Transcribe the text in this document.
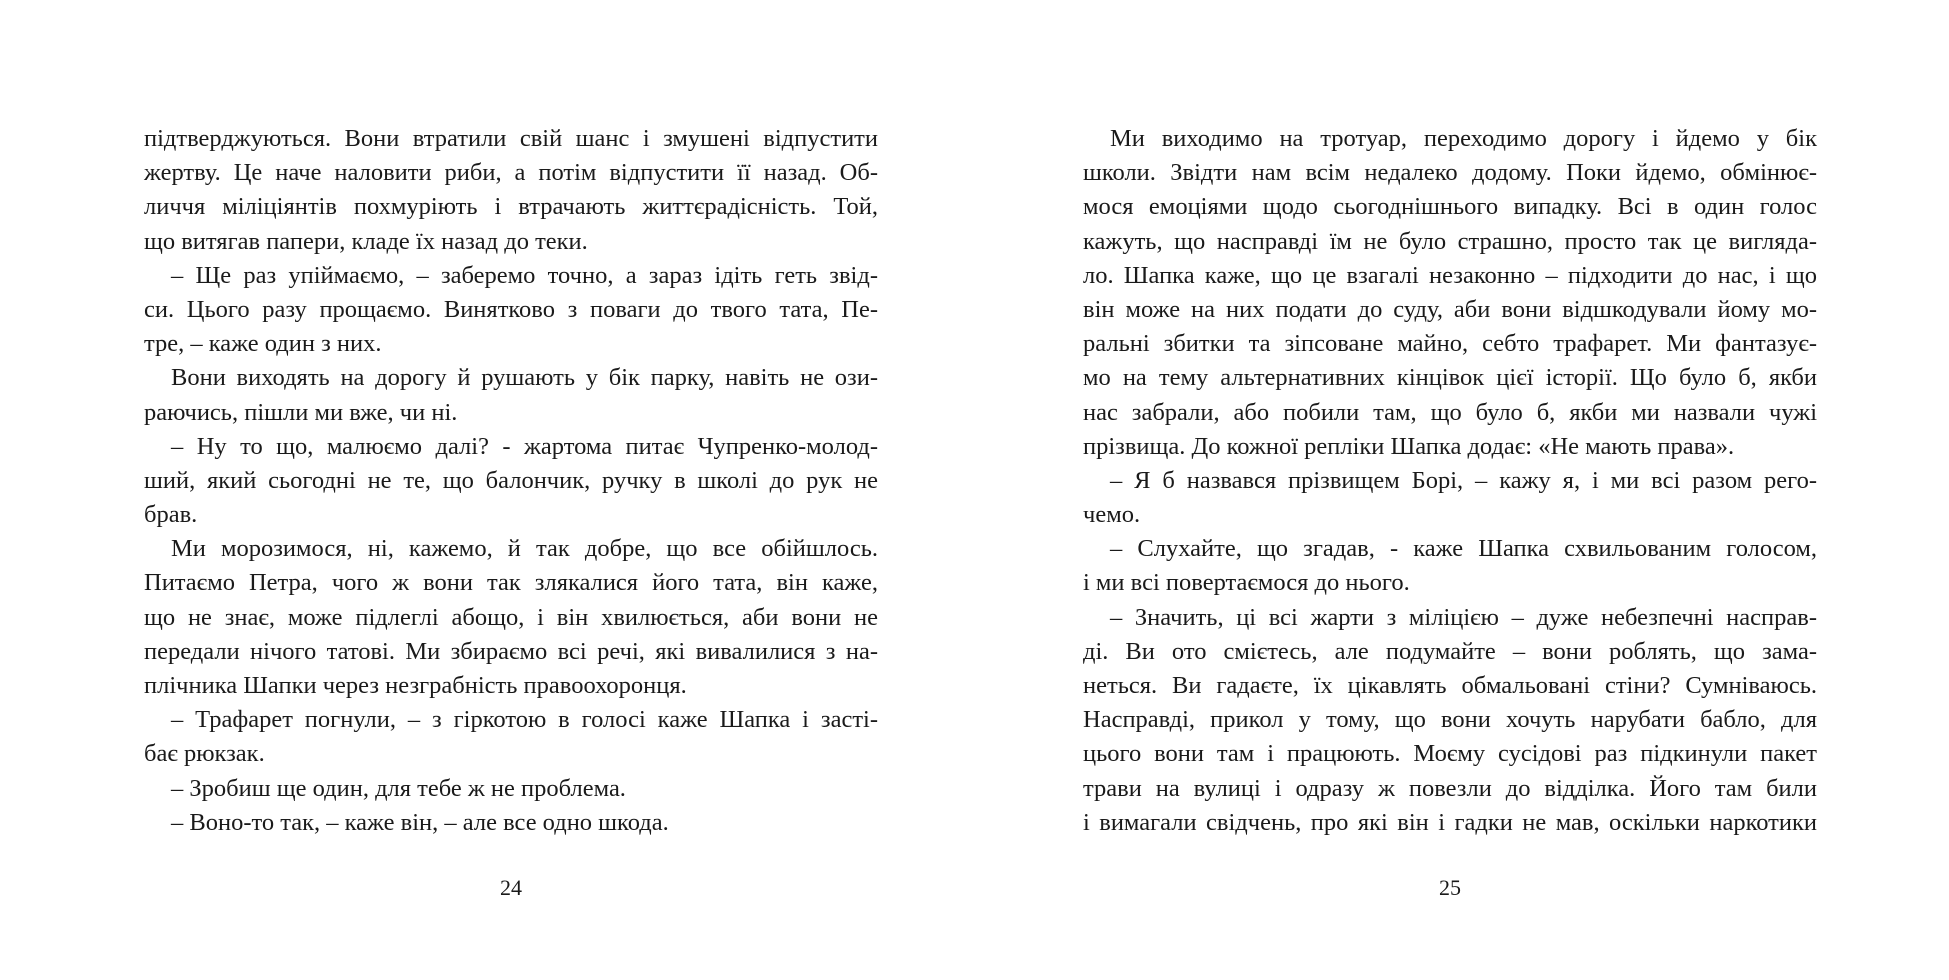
підтверджуються. Вони втратили свій шанс і змушені відпустити
жертву. Це наче наловити риби, а потім відпустити її назад. Об-
личчя міліціянтів похмуріють і втрачають життєрадісність. Той,
що витягав папери, кладе їх назад до теки.
– Ще раз упіймаємо, – заберемо точно, а зараз ідіть геть звід-
си. Цього разу прощаємо. Винятково з поваги до твого тата, Пе-
тре, – каже один з них.
Вони виходять на дорогу й рушають у бік парку, навіть не ози-
раючись, пішли ми вже, чи ні.
– Ну то що, малюємо далі? - жартома питає Чупренко-молод-
ший, який сьогодні не те, що балончик, ручку в школі до рук не
брав.
Ми морозимося, ні, кажемо, й так добре, що все обійшлось.
Питаємо Петра, чого ж вони так злякалися його тата, він каже,
що не знає, може підлеглі абощо, і він хвилюється, аби вони не
передали нічого татові. Ми збираємо всі речі, які вивалилися з на-
плічника Шапки через незграбність правоохоронця.
– Трафарет погнули, – з гіркотою в голосі каже Шапка і засті-
бає рюкзак.
– Зробиш ще один, для тебе ж не проблема.
– Воно-то так, – каже він, – але все одно шкода.
24
Ми виходимо на тротуар, переходимо дорогу і йдемо у бік
школи. Звідти нам всім недалеко додому. Поки йдемо, обмінює-
мося емоціями щодо сьогоднішнього випадку. Всі в один голос
кажуть, що насправді їм не було страшно, просто так це виглядa-
ло. Шапка каже, що це взагалі незаконно – підходити до нас, і що
він може на них подати до суду, аби вони відшкодували йому мо-
ральні збитки та зіпсоване майно, себто трафарет. Ми фантазує-
мо на тему альтернативних кінцівок цієї історії. Що було б, якби
нас забрали, або побили там, що було б, якби ми назвали чужі
прізвища. До кожної репліки Шапка додає: «Не мають права».
– Я б назвався прізвищем Борі, – кажу я, і ми всі разом рего-
чемо.
– Слухайте, що згадав, - каже Шапка схвильованим голосом,
і ми всі повертаємося до нього.
– Значить, ці всі жарти з міліцією – дуже небезпечні насправ-
ді. Ви ото смієтесь, але подумайте – вони роблять, що зама-
неться. Ви гадаєте, їх цікавлять обмальовані стіни? Сумніваюсь.
Насправді, прикол у тому, що вони хочуть нарубати бабло, для
цього вони там і працюють. Моєму сусідові раз підкинули пакет
трави на вулиці і одразу ж повезли до відділка. Його там били
і вимагали свідчень, про які він і гадки не мав, оскільки наркотики
25
